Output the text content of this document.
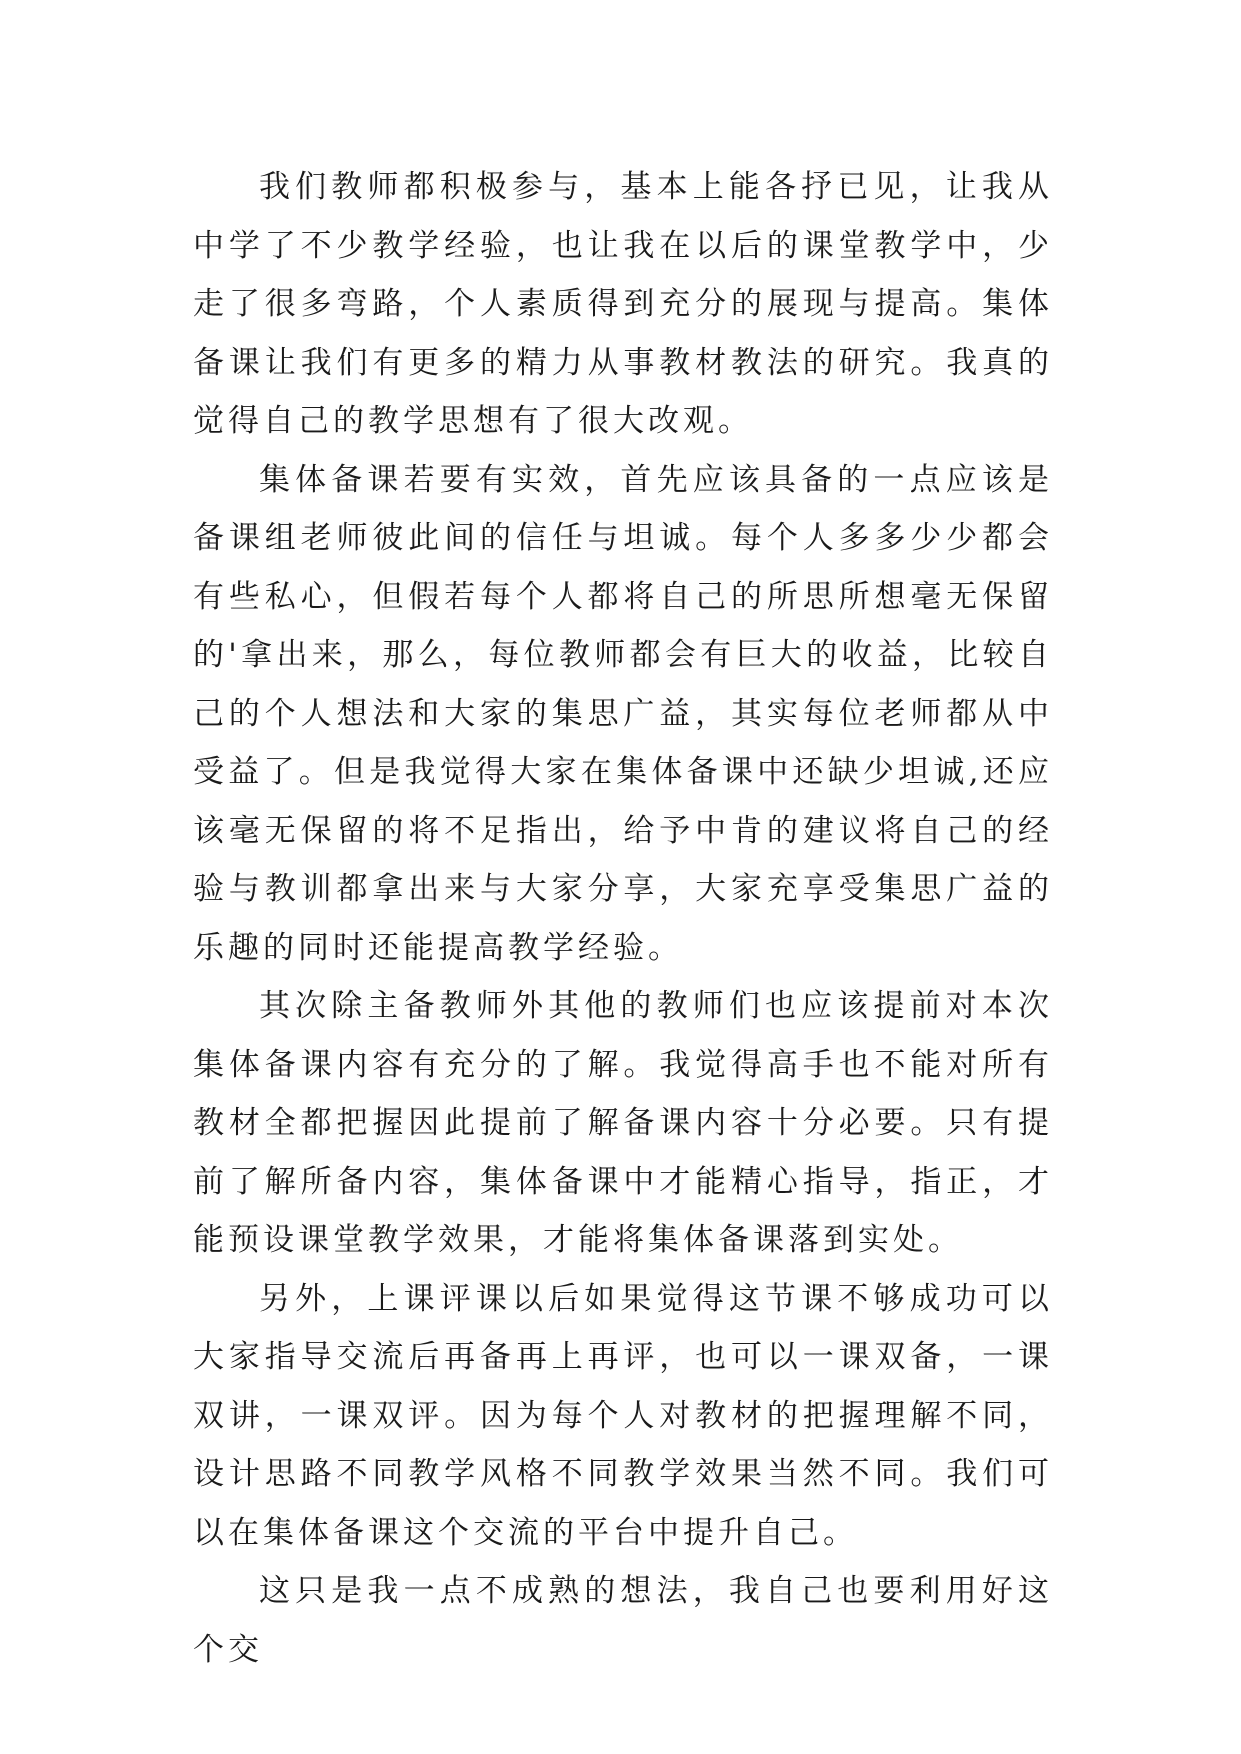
我们教师都积极参与，基本上能各抒已见，让我从中学了不少教学经验，也让我在以后的课堂教学中，少走了很多弯路，个人素质得到充分的展现与提高。集体备课让我们有更多的精力从事教材教法的研究。我真的觉得自己的教学思想有了很大改观。

集体备课若要有实效，首先应该具备的一点应该是备课组老师彼此间的信任与坦诚。每个人多多少少都会有些私心，但假若每个人都将自己的所思所想毫无保留的'拿出来，那么，每位教师都会有巨大的收益，比较自己的个人想法和大家的集思广益，其实每位老师都从中受益了。但是我觉得大家在集体备课中还缺少坦诚,还应该毫无保留的将不足指出，给予中肯的建议将自己的经验与教训都拿出来与大家分享，大家充享受集思广益的乐趣的同时还能提高教学经验。

其次除主备教师外其他的教师们也应该提前对本次集体备课内容有充分的了解。我觉得高手也不能对所有教材全都把握因此提前了解备课内容十分必要。只有提前了解所备内容，集体备课中才能精心指导，指正，才能预设课堂教学效果，才能将集体备课落到实处。

另外，上课评课以后如果觉得这节课不够成功可以大家指导交流后再备再上再评，也可以一课双备，一课双讲，一课双评。因为每个人对教材的把握理解不同，设计思路不同教学风格不同教学效果当然不同。我们可以在集体备课这个交流的平台中提升自己。

这只是我一点不成熟的想法，我自己也要利用好这个交
